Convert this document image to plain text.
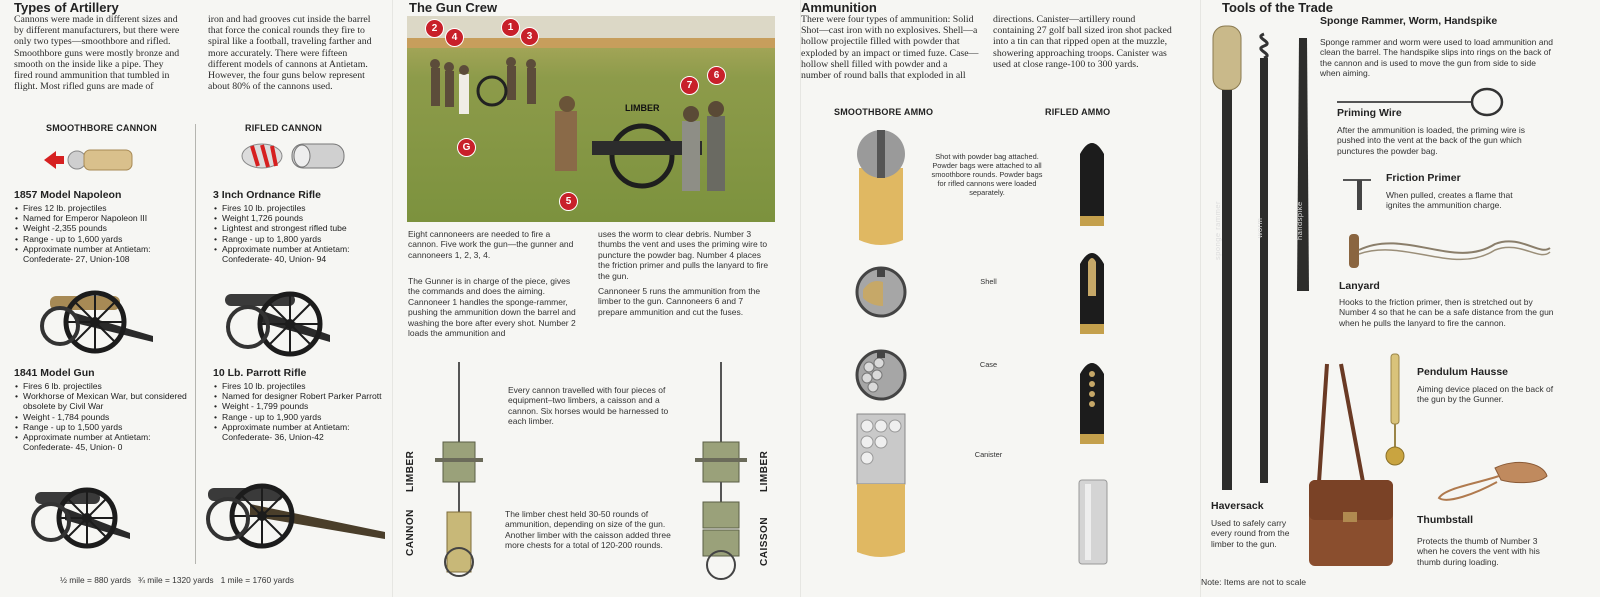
Types of Artillery
Cannons were made in different sizes and by different manufacturers, but there were only two types—smoothbore and rifled. Smoothbore guns were mostly bronze and smooth on the inside like a pipe. They fired round ammunition that tumbled in flight. Most rifled guns are made of
iron and had grooves cut inside the barrel that force the conical rounds they fire to spiral like a football, traveling farther and more accurately. There were fifteen different models of cannons at Antietam. However, the four guns below represent about 80% of the cannons used.
SMOOTHBORE CANNON	RIFLED CANNON
1857 Model Napoleon
• Fires 12 lb. projectiles
• Named for Emperor Napoleon III
• Weight -2,355 pounds
• Range - up to 1,600 yards
• Approximate number at Antietam: Confederate- 27, Union-108
3 Inch Ordnance Rifle
• Fires 10 lb. projectiles
• Weight 1,726 pounds
• Lightest and strongest rifled tube
• Range - up to 1,800 yards
• Approximate number at Antietam: Confederate- 40, Union- 94
1841 Model Gun
• Fires 6 lb. projectiles
• Workhorse of Mexican War, but considered obsolete by Civil War
• Weight - 1,784 pounds
• Range - up to 1,500 yards
• Approximate number at Antietam: Confederate- 45, Union- 0
10 Lb. Parrott Rifle
• Fires 10 lb. projectiles
• Named for designer Robert Parker Parrott
• Weight - 1,799 pounds
• Range - up to 1,900 yards
• Approximate number at Antietam: Confederate- 36, Union-42
½ mile = 880 yards   ¾ mile = 1320 yards   1 mile = 1760 yards
The Gun Crew
1
2
3
4
5
6
7
G
LIMBER
Eight cannoneers are needed to fire a cannon. Five work the gun—the gunner and cannoneers 1, 2, 3, 4.
The Gunner is in charge of the piece, gives the commands and does the aiming. Cannoneer 1 handles the sponge-rammer, pushing the ammunition down the barrel and washing the bore after every shot. Number 2 loads the ammunition and
uses the worm to clear debris. Number 3 thumbs the vent and uses the priming wire to puncture the powder bag. Number 4 places the friction primer and pulls the lanyard to fire the gun.
Cannoneer 5 runs the ammunition from the limber to the gun. Cannoneers 6 and 7 prepare ammunition and cut the fuses.
Every cannon travelled with four pieces of equipment–two limbers, a caisson and a cannon. Six horses would be harnessed to each limber.
The limber chest held 30-50 rounds of ammunition, depending on size of the gun. Another limber with the caisson added three more chests for a total of 120-200 rounds.
LIMBER
CANNON
LIMBER
CAISSON
Ammunition
There were four types of ammunition: Solid Shot—cast iron with no explosives. Shell—a hollow projectile filled with powder that exploded by an impact or timed fuze. Case—hollow shell filled with powder and a number of round balls that exploded in all
directions. Canister—artillery round containing 27 golf ball sized iron shot packed into a tin can that ripped open at the muzzle, showering approaching troops. Canister was used at close range-100 to 300 yards.
SMOOTHBORE AMMO	RIFLED AMMO
Shot with powder bag attached. Powder bags were attached to all smoothbore rounds. Powder bags for rifled cannons were loaded separately.
Shell
Case
Canister
Tools of the Trade
sponge rammer	worm	handspike
Sponge Rammer, Worm, Handspike
Sponge rammer and worm were used to load ammunition and clean the barrel. The handspike slips into rings on the back of the cannon and is used to move the gun from side to side when aiming.
Priming Wire
After the ammunition is loaded, the priming wire is pushed into the vent at the back of the gun which punctures the powder bag.
Friction Primer
When pulled, creates a flame that ignites the ammunition charge.
Lanyard
Hooks to the friction primer, then is stretched out by Number 4 so that he can be a safe distance from the gun when he pulls the lanyard to fire the cannon.
Pendulum Hausse
Aiming device placed on the back of the gun by the Gunner.
Haversack
Used to safely carry every round from the limber to the gun.
Thumbstall
Protects the thumb of Number 3 when he covers the vent with his thumb during loading.
Note: Items are not to scale
